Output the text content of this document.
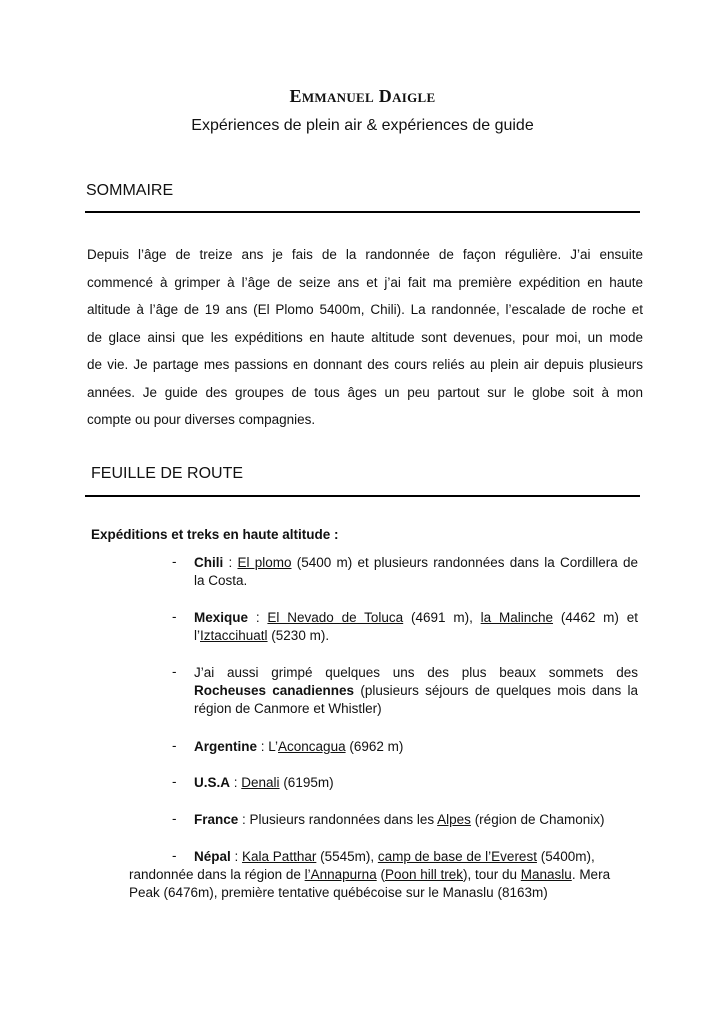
Emmanuel Daigle
Expériences de plein air & expériences de guide
SOMMAIRE
Depuis l’âge de treize ans je fais de la randonnée de façon régulière. J’ai ensuite
commencé à grimper à l’âge de seize ans et j’ai fait ma première expédition en haute
altitude à l’âge de 19 ans (El Plomo 5400m, Chili). La randonnée, l’escalade de roche et
de glace ainsi que les expéditions en haute altitude sont devenues, pour moi, un mode
de vie. Je partage mes passions en donnant des cours reliés au plein air depuis plusieurs
années. Je guide des groupes de tous âges un peu partout sur le globe soit à mon
compte ou pour diverses compagnies.
FEUILLE DE ROUTE
Expéditions et treks en haute altitude :
- Chili : El plomo (5400 m) et plusieurs randonnées dans la Cordillera de
la Costa.
- Mexique : El Nevado de Toluca (4691 m), la Malinche (4462 m) et
l’Iztaccihuatl (5230 m).
- J’ai aussi grimpé quelques uns des plus beaux sommets des
Rocheuses canadiennes (plusieurs séjours de quelques mois dans la
région de Canmore et Whistler)
- Argentine : L’Aconcagua (6962 m)
- U.S.A : Denali (6195m)
- France : Plusieurs randonnées dans les Alpes (région de Chamonix)
- Népal : Kala Patthar (5545m), camp de base de l’Everest (5400m),
randonnée dans la région de l’Annapurna (Poon hill trek), tour du Manaslu. Mera
Peak (6476m), première tentative québécoise sur le Manaslu (8163m)
